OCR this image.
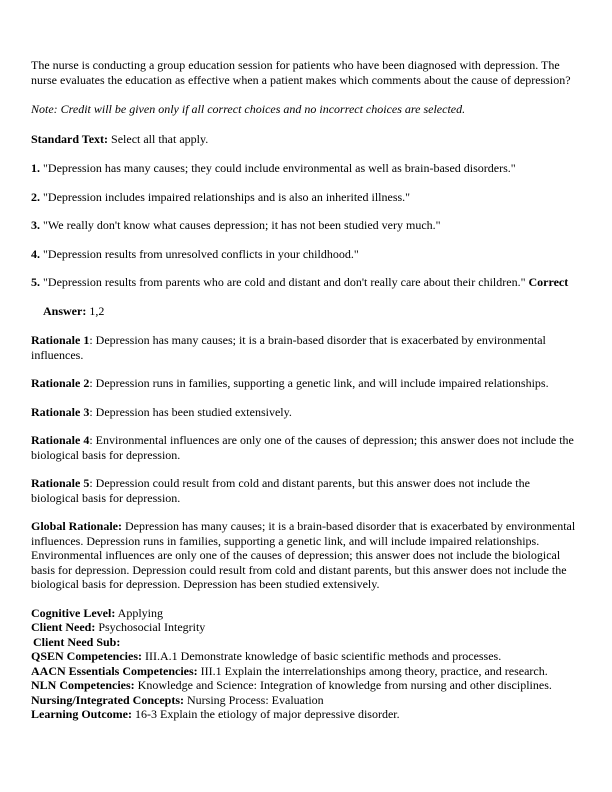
The nurse is conducting a group education session for patients who have been diagnosed with depression. The nurse evaluates the education as effective when a patient makes which comments about the cause of depression?

Note: Credit will be given only if all correct choices and no incorrect choices are selected.

Standard Text: Select all that apply.

1. "Depression has many causes; they could include environmental as well as brain-based disorders."

2. "Depression includes impaired relationships and is also an inherited illness."

3. "We really don't know what causes depression; it has not been studied very much."

4. "Depression results from unresolved conflicts in your childhood."

5. "Depression results from parents who are cold and distant and don't really care about their children." Correct

Answer: 1,2

Rationale 1: Depression has many causes; it is a brain-based disorder that is exacerbated by environmental influences.

Rationale 2: Depression runs in families, supporting a genetic link, and will include impaired relationships.

Rationale 3: Depression has been studied extensively.

Rationale 4: Environmental influences are only one of the causes of depression; this answer does not include the biological basis for depression.

Rationale 5: Depression could result from cold and distant parents, but this answer does not include the biological basis for depression.

Global Rationale: Depression has many causes; it is a brain-based disorder that is exacerbated by environmental influences. Depression runs in families, supporting a genetic link, and will include impaired relationships. Environmental influences are only one of the causes of depression; this answer does not include the biological basis for depression. Depression could result from cold and distant parents, but this answer does not include the biological basis for depression. Depression has been studied extensively.

Cognitive Level: Applying

Client Need: Psychosocial Integrity

Client Need Sub:

QSEN Competencies: III.A.1 Demonstrate knowledge of basic scientific methods and processes.

AACN Essentials Competencies: III.1 Explain the interrelationships among theory, practice, and research.

NLN Competencies: Knowledge and Science: Integration of knowledge from nursing and other disciplines.

Nursing/Integrated Concepts: Nursing Process: Evaluation

Learning Outcome: 16-3 Explain the etiology of major depressive disorder.
